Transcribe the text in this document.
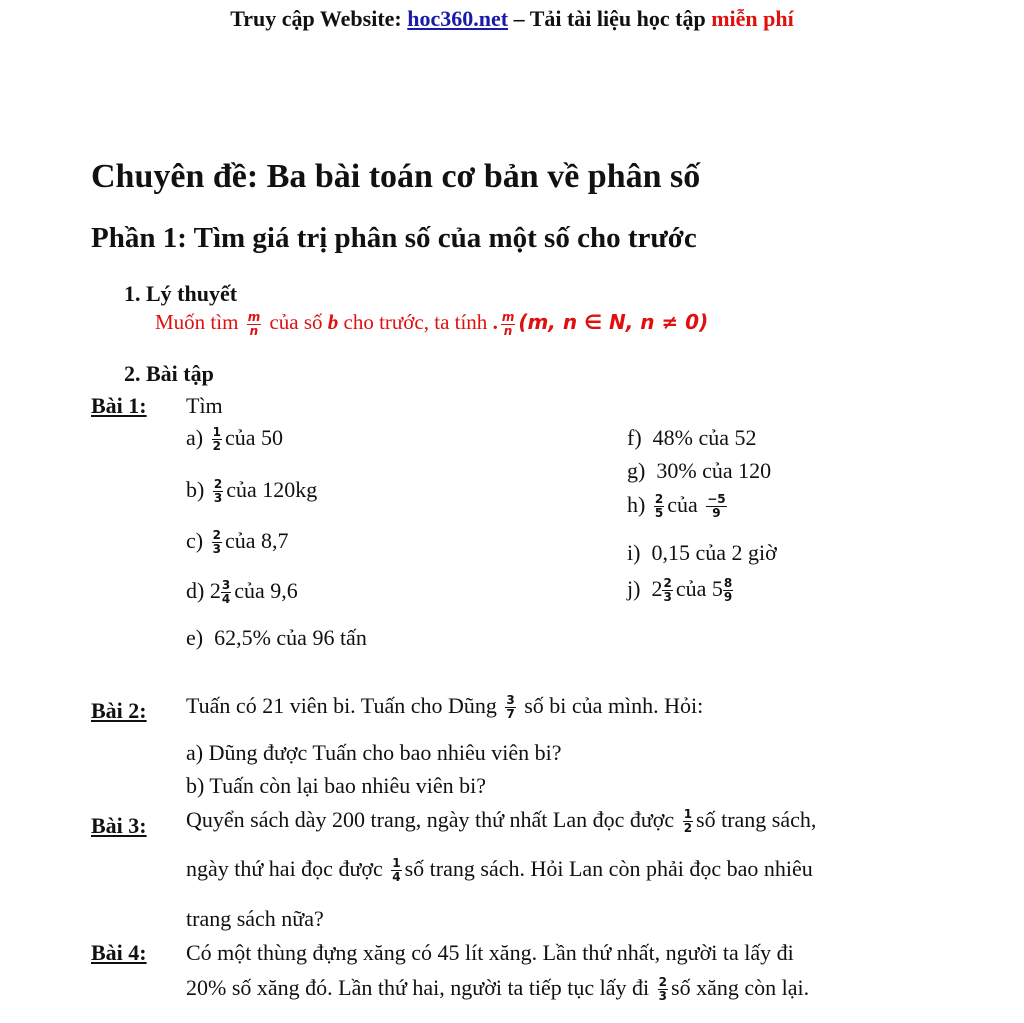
Truy cập Website: hoc360.net – Tải tài liệu học tập miễn phí
Chuyên đề: Ba bài toán cơ bản về phân số
Phần 1: Tìm giá trị phân số của một số cho trước
1. Lý thuyết
Muốn tìm $\frac{m}{n}$ của số b cho trước, ta tính . $\frac{m}{n} (m$, n ∈ N, n ≠ 0)
2. Bài tập
Bài 1: Tìm
$a) \frac{1}{2}$ của 50
$b) \frac{2}{3}$ của 120kg
$c) \frac{2}{3}$ của 8,7
d) $2 \frac{3}{4}$ của 9,6
e) 62,5% của 96 tấn
f) 48% của 52
g) 30% của 120
$h) \frac{2}{5}$ của $\frac{-5}{9}$
i) 0,15 của 2 giờ
j) $2 \frac{2}{3}$ của $5 \frac{8}{9}$
Bài 2: Tuấn có 21 viên bi. Tuấn cho Dũng $\frac{3}{7}$ số bi của mình. Hỏi:
a) Dũng được Tuấn cho bao nhiêu viên bi?
b) Tuấn còn lại bao nhiêu viên bi?
Bài 3: Quyển sách dày 200 trang, ngày thứ nhất Lan đọc được $\frac{1}{2}$ số trang sách,
ngày thứ hai đọc được $\frac{1}{4}$ số trang sách. Hỏi Lan còn phải đọc bao nhiêu
trang sách nữa?
Bài 4: Có một thùng đựng xăng có 45 lít xăng. Lần thứ nhất, người ta lấy đi
20% số xăng đó. Lần thứ hai, người ta tiếp tục lấy đi $\frac{2}{3}$ số xăng còn lại.
